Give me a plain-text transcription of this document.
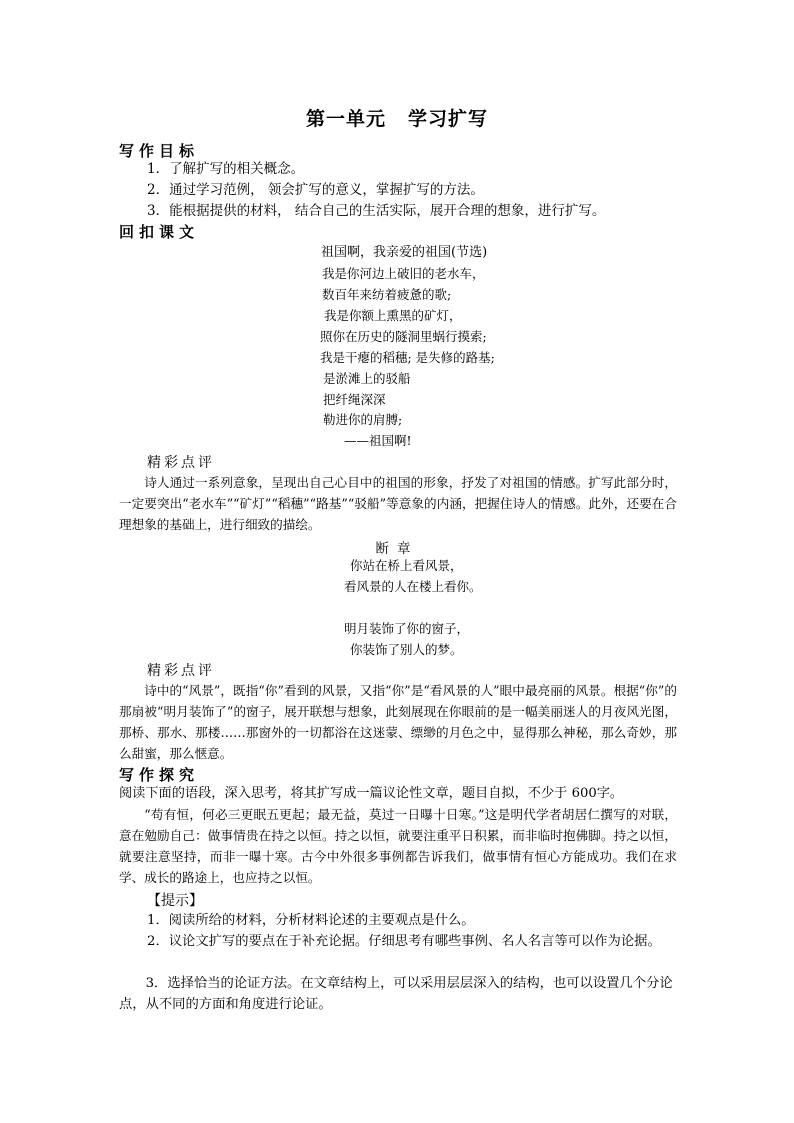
第一单元 学习扩写
写作目标
1．了解扩写的相关概念。
2．通过学习范例， 领会扩写的意义，掌握扩写的方法。
3．能根据提供的材料， 结合自己的生活实际，展开合理的想象，进行扩写。
回扣课文
祖国啊，我亲爱的祖国(节选)
我是你河边上破旧的老水车，
数百年来纺着疲惫的歌;
我是你额上熏黑的矿灯，
照你在历史的隧洞里蜗行摸索;
我是干瘪的稻穗; 是失修的路基;
是淤滩上的驳船
把纤绳深深
勒进你的肩膊;
——祖国啊!
精彩点评
诗人通过一系列意象，呈现出自己心目中的祖国的形象，抒发了对祖国的情感。扩写此部分时，一定要突出“老水车”“矿灯”“稻穗”“路基”“驳船”等意象的内涵，把握住诗人的情感。此外，还要在合理想象的基础上，进行细致的描绘。
断章
你站在桥上看风景，
看风景的人在楼上看你。
明月装饰了你的窗子，
你装饰了别人的梦。
精彩点评
诗中的“风景”，既指“你”看到的风景，又指“你”是“看风景的人”眼中最亮丽的风景。根据“你”的那扇被“明月装饰了”的窗子，展开联想与想象，此刻展现在你眼前的是一幅美丽迷人的月夜风光图，那桥、那水、那楼……那窗外的一切都浴在这迷蒙、缥缈的月色之中，显得那么神秘，那么奇妙，那么甜蜜，那么惬意。
写作探究
阅读下面的语段，深入思考，将其扩写成一篇议论性文章，题目自拟，不少于 600字。
“苟有恒，何必三更眠五更起；最无益，莫过一日曝十日寒。”这是明代学者胡居仁撰写的对联，意在勉励自己：做事情贵在持之以恒。持之以恒，就要注重平日积累，而非临时抱佛脚。持之以恒，就要注意坚持，而非一曝十寒。古今中外很多事例都告诉我们，做事情有恒心方能成功。我们在求学、成长的路途上，也应持之以恒。
【提示】
1．阅读所给的材料，分析材料论述的主要观点是什么。
2．议论文扩写的要点在于补充论据。仔细思考有哪些事例、名人名言等可以作为论据。
3．选择恰当的论证方法。在文章结构上，可以采用层层深入的结构，也可以设置几个分论点，从不同的方面和角度进行论证。
